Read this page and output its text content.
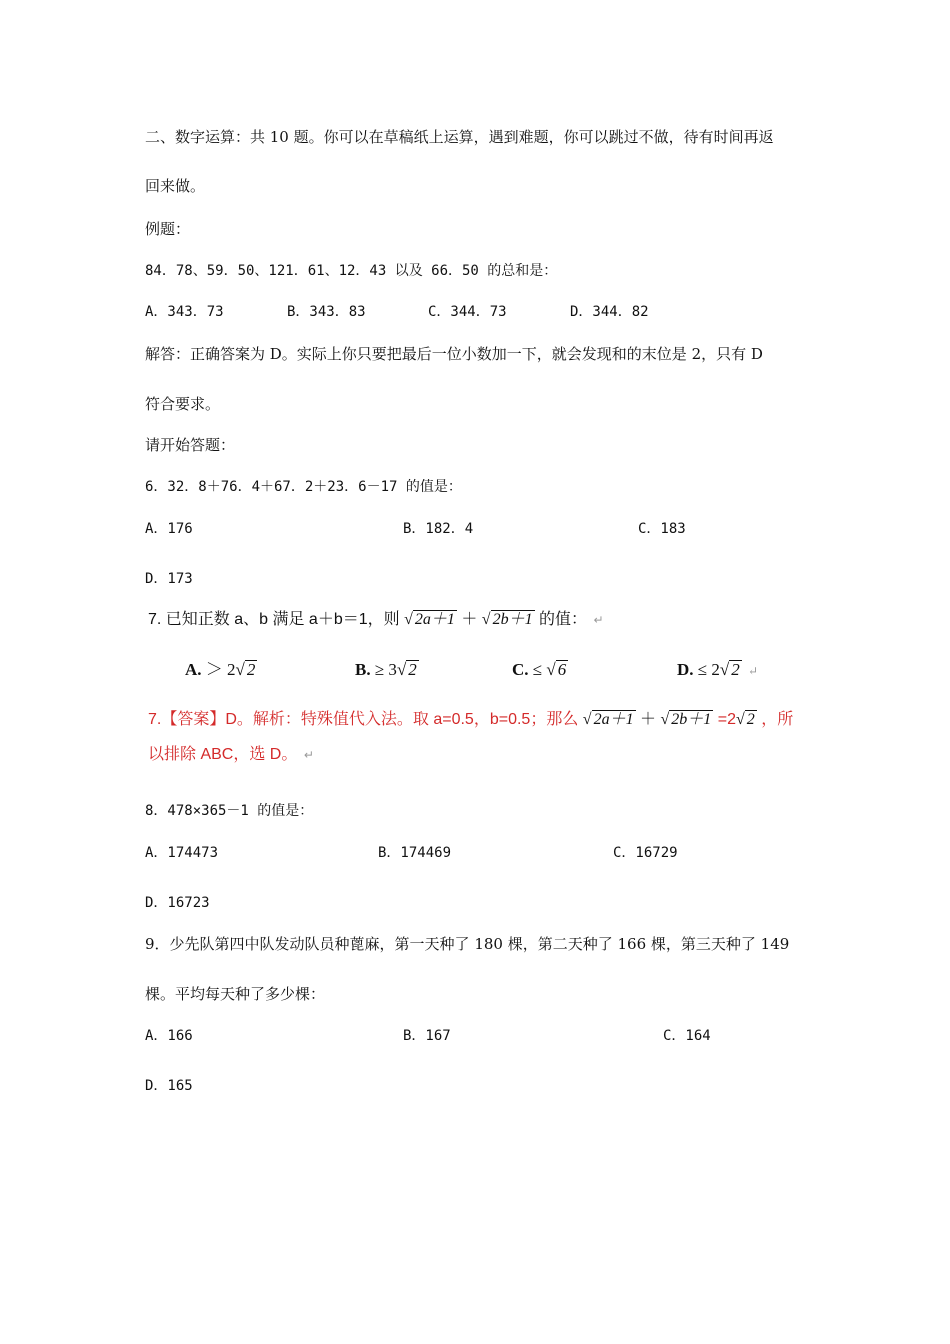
二、数字运算：共 10 题。你可以在草稿纸上运算，遇到难题，你可以跳过不做，待有时间再返
回来做。
例题：
84．78、59．50、121．61、12．43 以及 66．50 的总和是：
A．343．73	B．343．83	C．344．73	D．344．82
解答：正确答案为 D。实际上你只要把最后一位小数加一下，就会发现和的末位是 2，只有 D
符合要求。
请开始答题：
6．32．8＋76．4＋67．2＋23．6－17 的值是：
A．176	B．182．4	C．183
D．173
7. 已知正数 a、b 满足 a＋b＝1，则 √ 2a＋1 ＋ √ 2b＋1 的值： ↵
A. ＞ 2√ 2	B. ≥ 3√ 2	C. ≤ √ 6	D. ≤ 2√ 2 ↵
7.【答案】D。解析：特殊值代入法。取 a=0.5，b=0.5；那么 √ 2a＋1 ＋ √ 2b＋1 =2√ 2 ，所
以排除 ABC，选 D。 ↵
8．478×365－1 的值是：
A．174473	B．174469	C．16729
D．16723
9．少先队第四中队发动队员种蓖麻，第一天种了 180 棵，第二天种了 166 棵，第三天种了 149
棵。平均每天种了多少棵：
A．166	B．167	C．164
D．165
